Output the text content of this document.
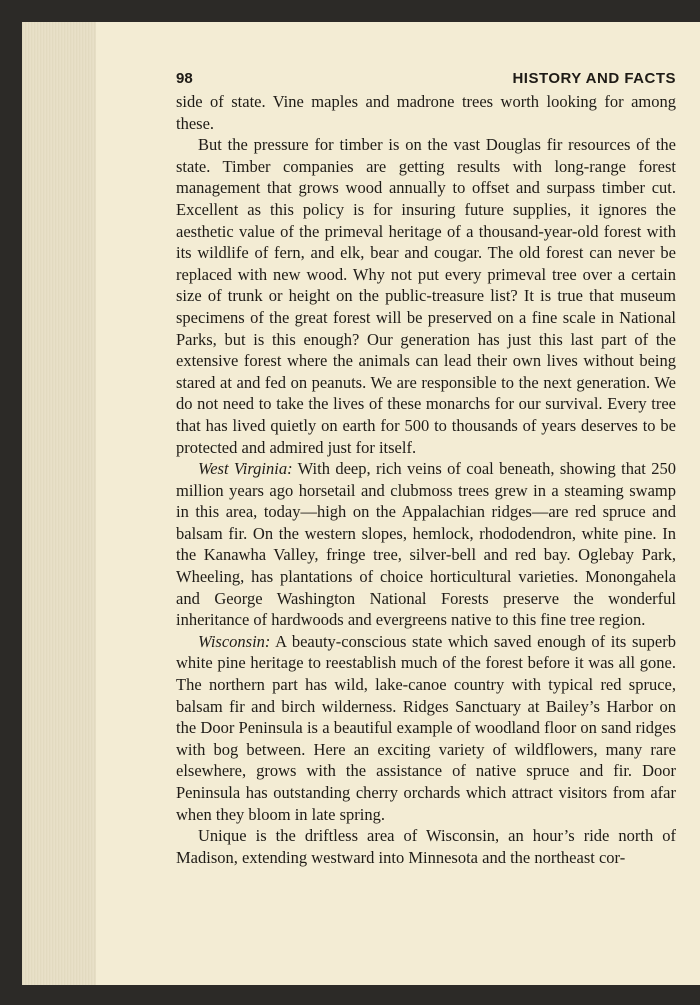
98	HISTORY AND FACTS

side of state. Vine maples and madrone trees worth looking for among these.

But the pressure for timber is on the vast Douglas fir resources of the state. Timber companies are getting results with long-range forest management that grows wood annually to offset and surpass timber cut. Excellent as this policy is for insuring future supplies, it ignores the aesthetic value of the primeval heritage of a thousand-year-old forest with its wildlife of fern, and elk, bear and cougar. The old forest can never be replaced with new wood. Why not put every primeval tree over a certain size of trunk or height on the public-treasure list? It is true that museum specimens of the great forest will be preserved on a fine scale in National Parks, but is this enough? Our generation has just this last part of the extensive forest where the animals can lead their own lives without being stared at and fed on peanuts. We are responsible to the next generation. We do not need to take the lives of these monarchs for our survival. Every tree that has lived quietly on earth for 500 to thousands of years deserves to be protected and admired just for itself.

West Virginia: With deep, rich veins of coal beneath, showing that 250 million years ago horsetail and clubmoss trees grew in a steaming swamp in this area, today—high on the Appalachian ridges—are red spruce and balsam fir. On the western slopes, hemlock, rhododendron, white pine. In the Kanawha Valley, fringe tree, silver-bell and red bay. Oglebay Park, Wheeling, has plantations of choice horticultural varieties. Monongahela and George Washington National Forests preserve the wonderful inheritance of hardwoods and evergreens native to this fine tree region.

Wisconsin: A beauty-conscious state which saved enough of its superb white pine heritage to reestablish much of the forest before it was all gone. The northern part has wild, lake-canoe country with typical red spruce, balsam fir and birch wilderness. Ridges Sanctuary at Bailey’s Harbor on the Door Peninsula is a beautiful example of woodland floor on sand ridges with bog between. Here an exciting variety of wildflowers, many rare elsewhere, grows with the assistance of native spruce and fir. Door Peninsula has outstanding cherry orchards which attract visitors from afar when they bloom in late spring.

Unique is the driftless area of Wisconsin, an hour’s ride north of Madison, extending westward into Minnesota and the northeast cor-
